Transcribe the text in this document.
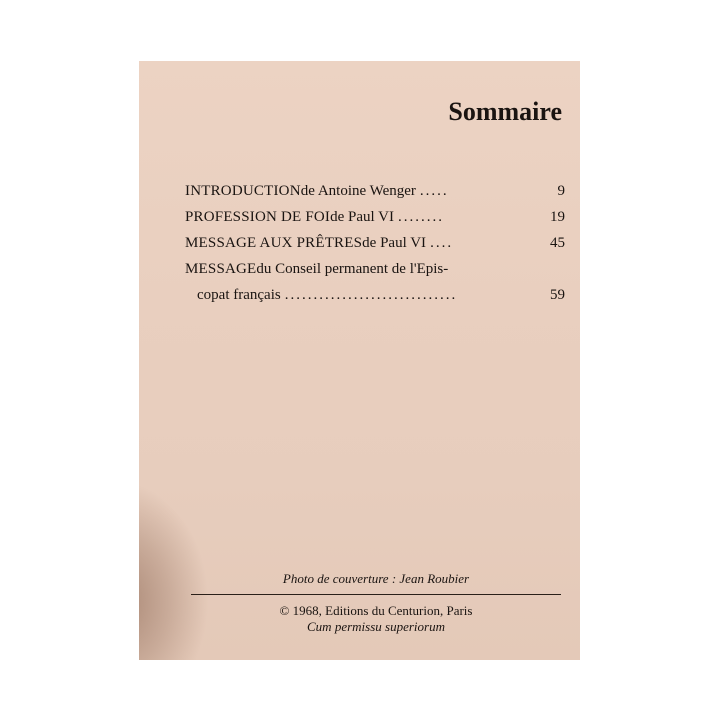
Sommaire
INTRODUCTION de Antoine Wenger .....	9
PROFESSION DE FOI de Paul VI ........	19
MESSAGE AUX PRÊTRES de Paul VI ....	45
MESSAGE du Conseil permanent de l'Epis-
copat français ..............................	59
Photo de couverture : Jean Roubier
© 1968, Editions du Centurion, Paris
Cum permissu superiorum
